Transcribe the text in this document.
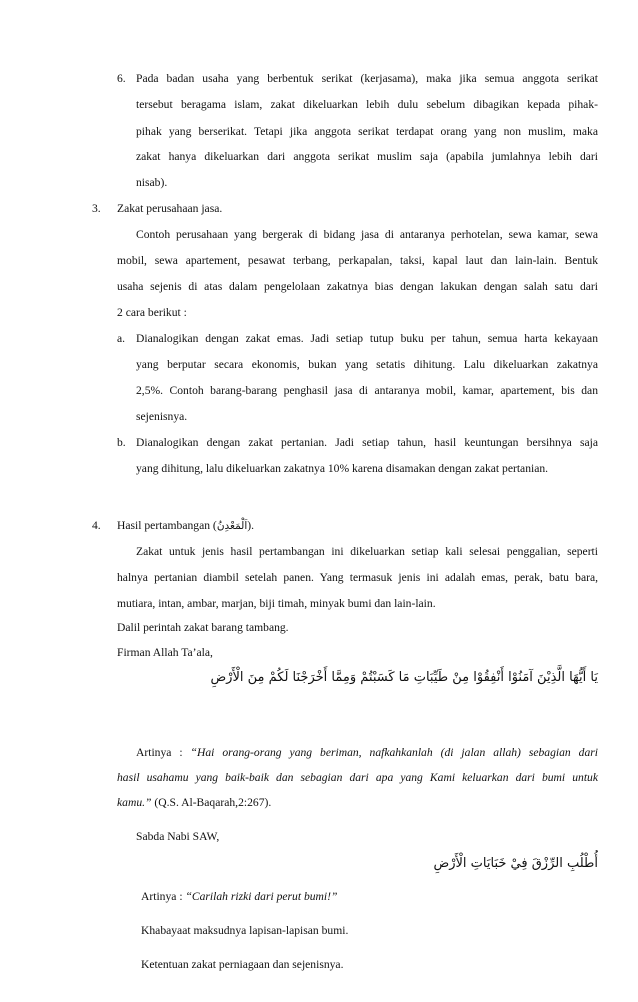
6. Pada badan usaha yang berbentuk serikat (kerjasama), maka jika semua anggota serikat
tersebut beragama islam, zakat dikeluarkan lebih dulu sebelum dibagikan kepada pihak-
pihak yang berserikat. Tetapi jika anggota serikat terdapat orang yang non muslim, maka
zakat hanya dikeluarkan dari anggota serikat muslim saja (apabila jumlahnya lebih dari
nisab).
3. Zakat perusahaan jasa.
Contoh perusahaan yang bergerak di bidang jasa di antaranya perhotelan, sewa kamar, sewa
mobil, sewa apartement, pesawat terbang, perkapalan, taksi, kapal laut dan lain-lain. Bentuk
usaha sejenis di atas dalam pengelolaan zakatnya bias dengan lakukan dengan salah satu dari
2 cara berikut :
a. Dianalogikan dengan zakat emas. Jadi setiap tutup buku per tahun, semua harta kekayaan
yang berputar secara ekonomis, bukan yang setatis dihitung. Lalu dikeluarkan zakatnya
2,5%. Contoh barang-barang penghasil jasa di antaranya mobil, kamar, apartement, bis dan
sejenisnya.
b. Dianalogikan dengan zakat pertanian. Jadi setiap tahun, hasil keuntungan bersihnya saja
yang dihitung, lalu dikeluarkan zakatnya 10% karena disamakan dengan zakat pertanian.
4. Hasil pertambangan (اَلْمَعْدِنُ).
Zakat untuk jenis hasil pertambangan ini dikeluarkan setiap kali selesai penggalian, seperti
halnya pertanian diambil setelah panen. Yang termasuk jenis ini adalah emas, perak, batu bara,
mutiara, intan, ambar, marjan, biji timah, minyak bumi dan lain-lain.
Dalil perintah zakat barang tambang.
Firman Allah Ta’ala,
يَا أَيُّهَا الَّذِيْنَ آمَنُوْا أَنْفِقُوْا مِنْ طَيِّبَاتِ مَا كَسَبْتُمْ وَمِمَّا أَخْرَجْنَا لَكُمْ مِنَ الْأَرْضِ
Artinya : “Hai orang-orang yang beriman, nafkahkanlah (di jalan allah) sebagian dari
hasil usahamu yang baik-baik dan sebagian dari apa yang Kami keluarkan dari bumi untuk
kamu.” (Q.S. Al-Baqarah,2:267).
Sabda Nabi SAW,
أُطْلُبِ الرِّزْقَ فِيْ خَبَايَاتِ الْأَرْضِ
Artinya : “Carilah rizki dari perut bumi!”
Khabayaat maksudnya lapisan-lapisan bumi.
Ketentuan zakat perniagaan dan sejenisnya.
